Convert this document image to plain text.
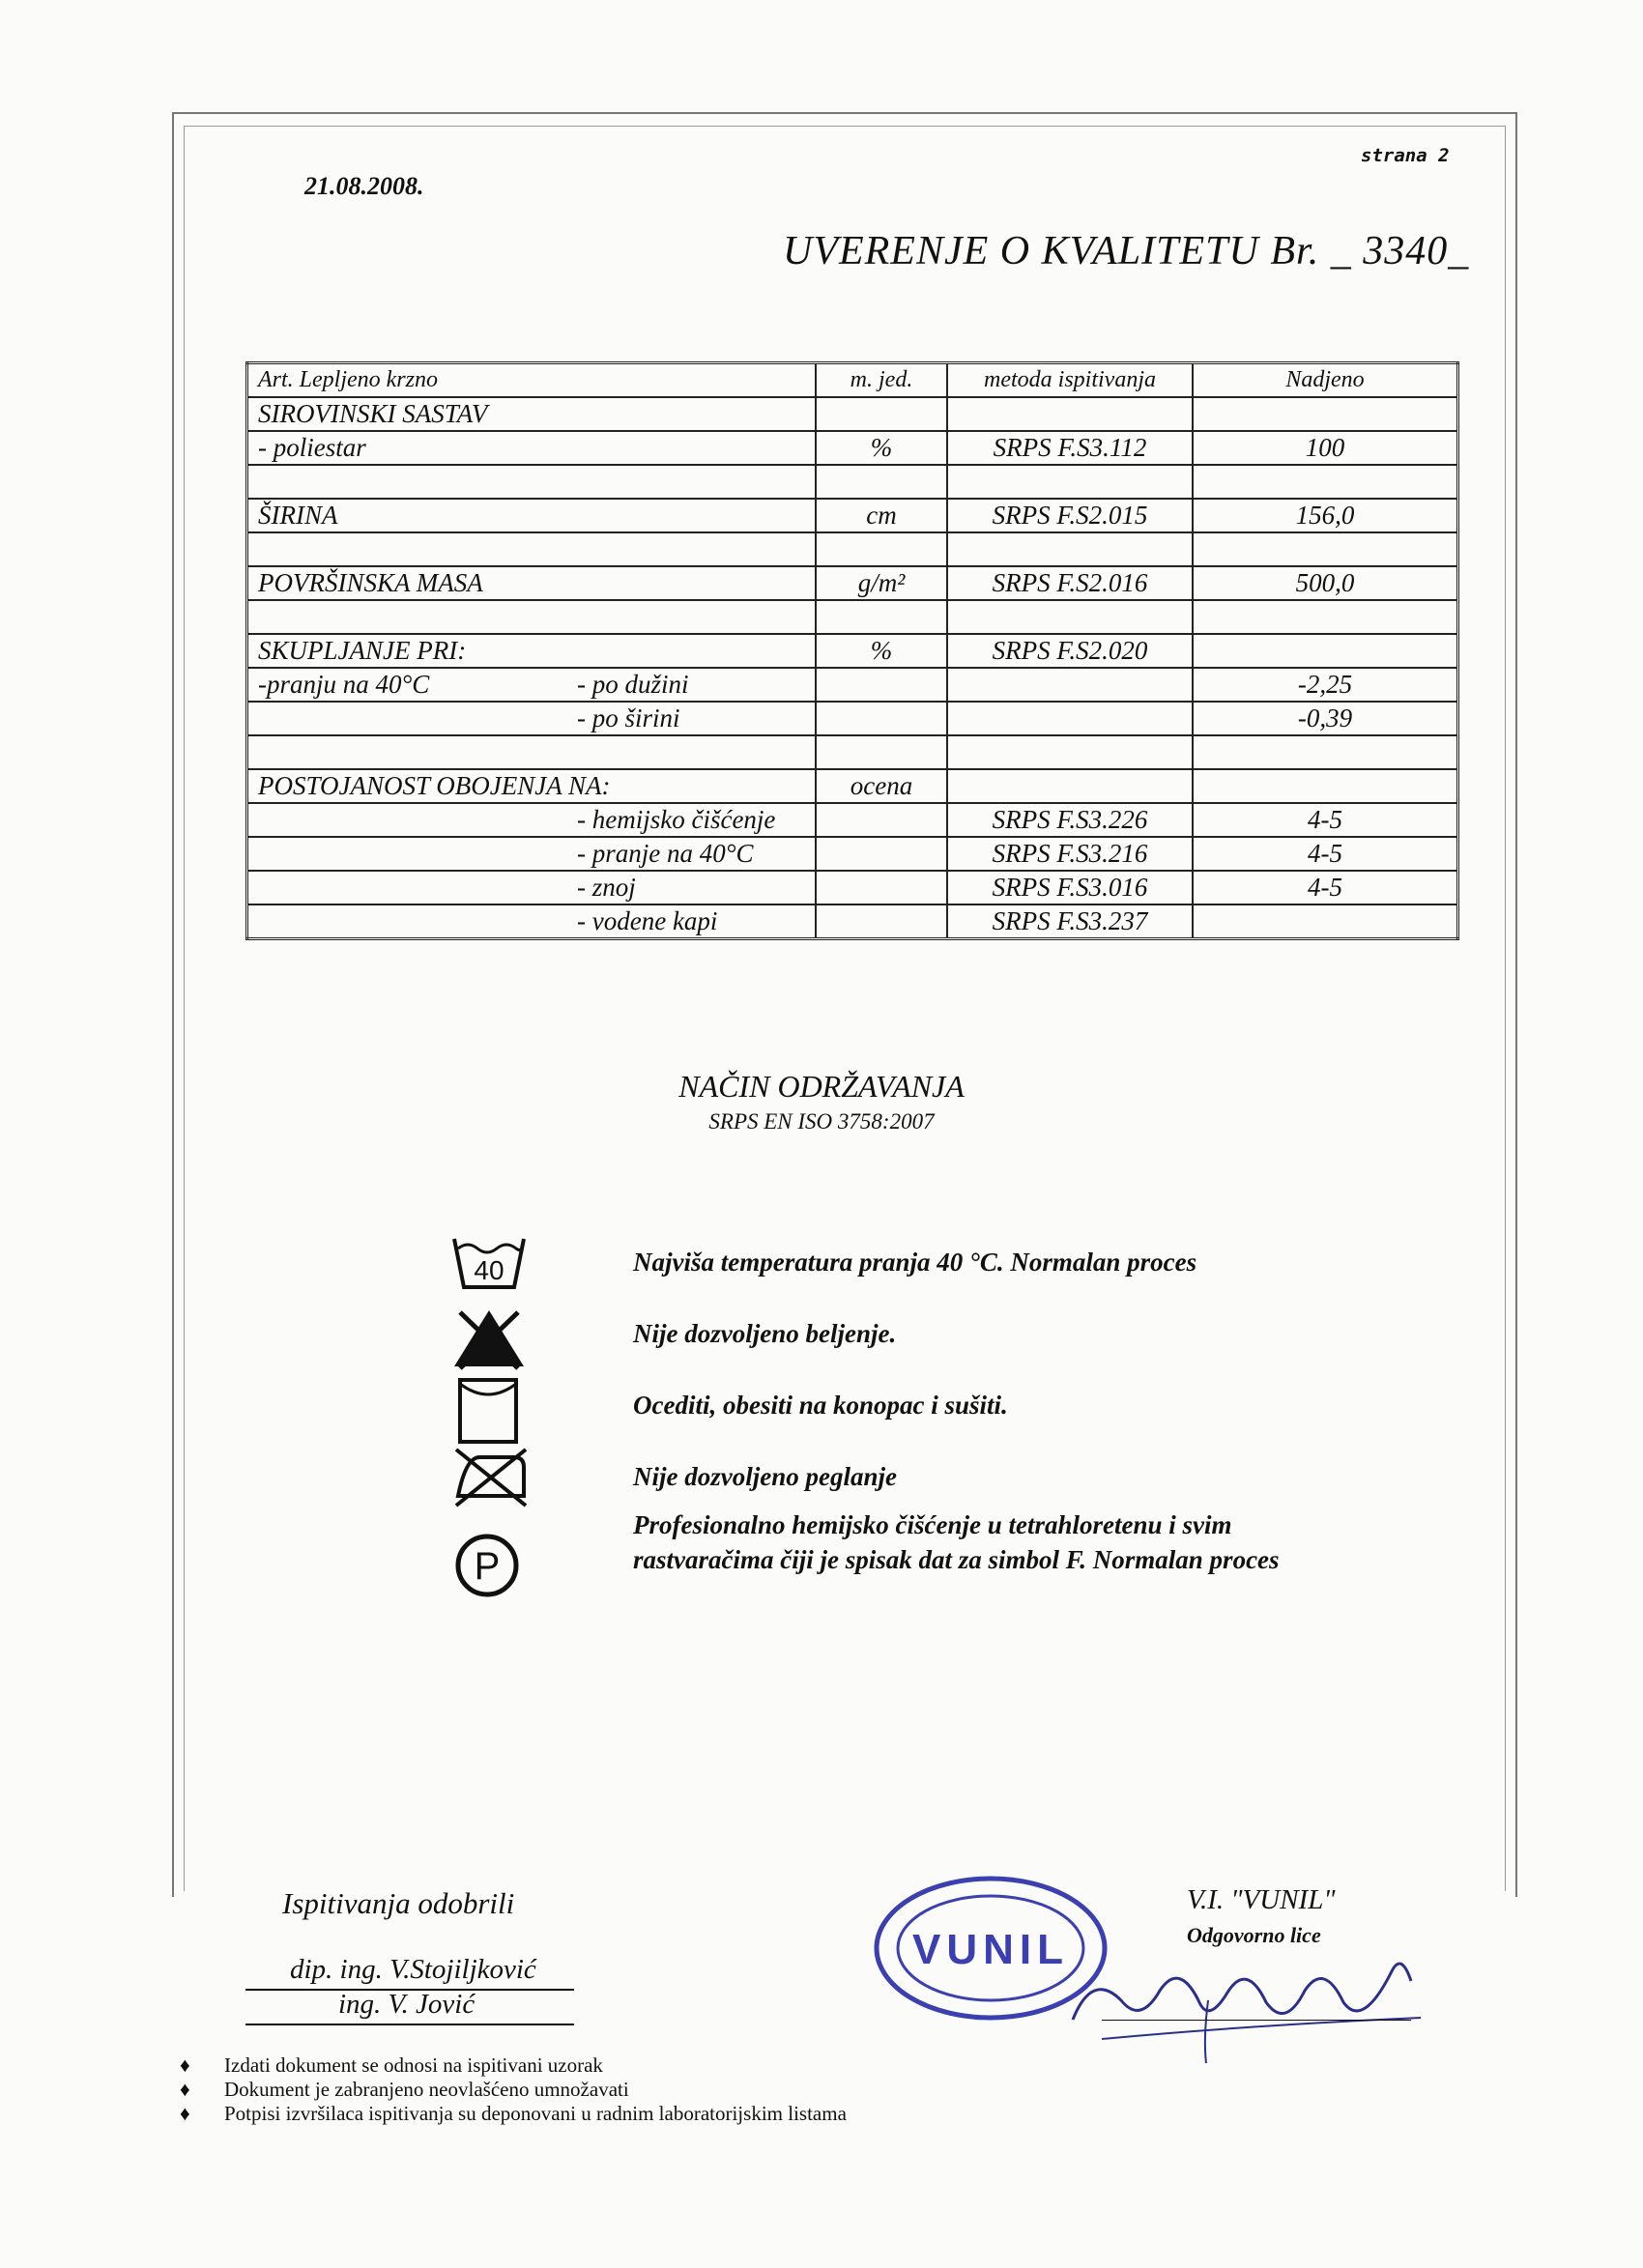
strana 2
21.08.2008.
UVERENJE O KVALITETU Br. _ 3340_
Art. Lepljeno krzno	m. jed.	metoda ispitivanja	Nadjeno
SIROVINSKI SASTAV			
- poliestar	%	SRPS F.S3.112	100

ŠIRINA	cm	SRPS F.S2.015	156,0

POVRŠINSKA MASA	g/m²	SRPS F.S2.016	500,0

SKUPLJANJE PRI:	%	SRPS F.S2.020	
-pranju na 40°C - po dužini			-2,25
- po širini			-0,39

POSTOJANOST OBOJENJA NA:	ocena		
- hemijsko čišćenje		SRPS F.S3.226	4-5
- pranje na 40°C		SRPS F.S3.216	4-5
- znoj		SRPS F.S3.016	4-5
- vodene kapi		SRPS F.S3.237	
NAČIN ODRŽAVANJA
SRPS EN ISO 3758:2007
40
P
Najviša temperatura pranja 40 °C. Normalan proces
Nije dozvoljeno beljenje.
Ocediti, obesiti na konopac i sušiti.
Nije dozvoljeno peglanje
Profesionalno hemijsko čišćenje u tetrahloretenu i svim
rastvaračima čiji je spisak dat za simbol F. Normalan proces
Ispitivanja odobrili
dip. ing. V.Stojiljković
ing. V. Jović
VUNIL
V.I. "VUNIL"
Odgovorno lice
♦ Izdati dokument se odnosi na ispitivani uzorak
♦ Dokument je zabranjeno neovlašćeno umnožavati
♦ Potpisi izvršilaca ispitivanja su deponovani u radnim laboratorijskim listama
